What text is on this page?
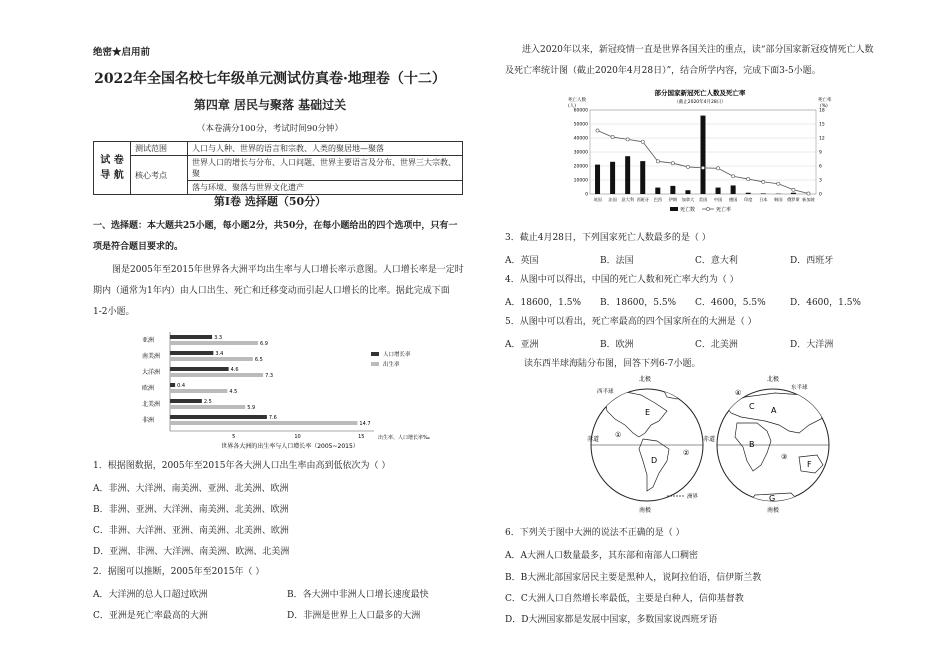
绝密★启用前
2022年全国名校七年级单元测试仿真卷·地理卷（十二）
第四章 居民与聚落 基础过关
（本卷满分100分，考试时间90分钟）
试 卷
导 航	测试范围	人口与人种、世界的语言和宗教、人类的聚居地—聚落
	核心考点	世界人口的增长与分布、人口问题、世界主要语言及分布、世界三大宗教、聚
		落与环境、聚落与世界文化遗产
第Ⅰ卷 选择题（50分）
一、选择题：本大题共25小题，每小题2分，共50分，在每小题给出的四个选项中，只有一
项是符合题目要求的。
图是2005年至2015年世界各大洲平均出生率与人口增长率示意图。人口增长率是一定时
期内（通常为1年内）由人口出生、死亡和迁移变动而引起人口增长的比率。据此完成下面
1-2小题。
3.3
6.9
3.4
6.5
4.6
7.3
0.4
4.5
2.5
5.9
7.6
14.7
亚洲
南美洲
大洋洲
欧洲
北美洲
非洲
5	10	15
人口增长率
出生率
出生率、人口增长率‰
世界各大洲的出生率与人口增长率（2005~2015）
1．根据图数据，2005年至2015年各大洲人口出生率由高到低依次为（ ）
A．非洲、大洋洲、南美洲、亚洲、北美洲、欧洲
B．非洲、亚洲、大洋洲、南美洲、北美洲、欧洲
C．非洲、大洋洲、亚洲、南美洲、北美洲、欧洲
D．亚洲、非洲、大洋洲、南美洲、欧洲、北美洲
2．据图可以推断，2005年至2015年（ ）
A．大洋洲的总人口超过欧洲	B．各大洲中非洲人口增长速度最快
C．亚洲是死亡率最高的大洲	D．非洲是世界上人口最多的大洲
进入2020年以来，新冠疫情一直是世界各国关注的重点，读“部分国家新冠疫情死亡人数
及死亡率统计图（截止2020年4月28日）”，结合所学内容，完成下面3-5小题。
部分国家新冠死亡人数及死亡率
（截止2020年4月28日）
死亡人数
(人)
死亡率
(%)
60000
50000
40000
30000
20000
10000
0
18
15
12
9
6
3
0
英国 法国 意大利 西班牙 巴西 伊朗 加拿大 美国 中国 德国 印度 日本 韩国 俄罗斯 新加坡
死亡数	死亡率
3．截止4月28日，下列国家死亡人数最多的是（ ）
A．英国	B．法国	C．意大利	D．西班牙
4．从图中可以得出，中国的死亡人数和死亡率大约为（ ）
A．18600，1.5% B．18600，5.5% C．4600，5.5%	D．4600，1.5%
5．从图中可以看出，死亡率最高的四个国家所在的大洲是（ ）
A．亚洲	B．欧洲	C．北美洲	D．大洋洲
读东西半球海陆分布图，回答下列6-7小题。
北极	北极
南极	南极
赤道	赤道
西半球
东半球
E
D
A
C
B
F
G
①
②	③
④
洲界
6．下列关于图中大洲的说法不正确的是（ ）
A．A大洲人口数量最多，其东部和南部人口稠密
B．B大洲北部国家居民主要是黑种人，说阿拉伯语，信伊斯兰教
C．C大洲人口自然增长率最低，主要是白种人，信仰基督教
D．D大洲国家都是发展中国家，多数国家说西班牙语
